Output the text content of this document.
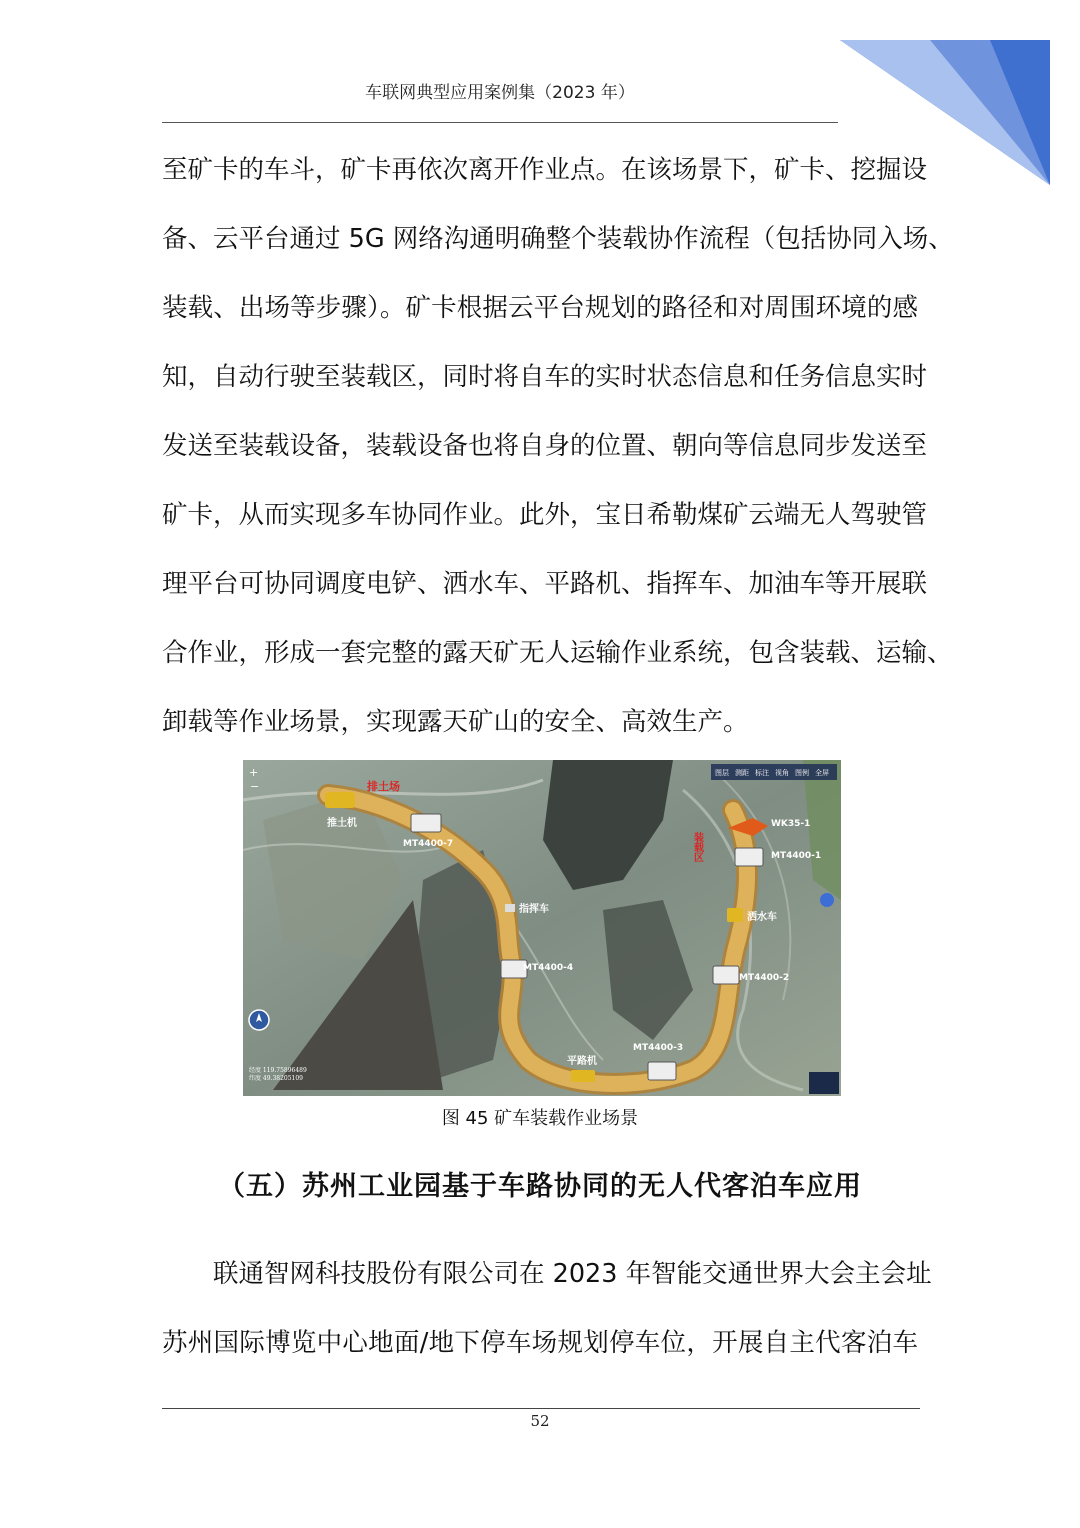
车联网典型应用案例集（2023 年）
至矿卡的车斗，矿卡再依次离开作业点。在该场景下，矿卡、挖掘设
备、云平台通过 5G 网络沟通明确整个装载协作流程（包括协同入场、
装载、出场等步骤）。矿卡根据云平台规划的路径和对周围环境的感
知，自动行驶至装载区，同时将自车的实时状态信息和任务信息实时
发送至装载设备，装载设备也将自身的位置、朝向等信息同步发送至
矿卡，从而实现多车协同作业。此外，宝日希勒煤矿云端无人驾驶管
理平台可协同调度电铲、洒水车、平路机、指挥车、加油车等开展联
合作业，形成一套完整的露天矿无人运输作业系统，包含装载、运输、
卸载等作业场景，实现露天矿山的安全、高效生产。
排土场
推土机
MT4400-7
指挥车
MT4400-4
平路机
MT4400-3
MT4400-2
洒水车
MT4400-1
WK35-1
装载区
图层 测距 标注 视角 图例 全屏
+
−
经度 119.75896489
纬度 49.38205109
图 45 矿车装载作业场景
（五）苏州工业园基于车路协同的无人代客泊车应用
联通智网科技股份有限公司在 2023 年智能交通世界大会主会址
苏州国际博览中心地面/地下停车场规划停车位，开展自主代客泊车
52
